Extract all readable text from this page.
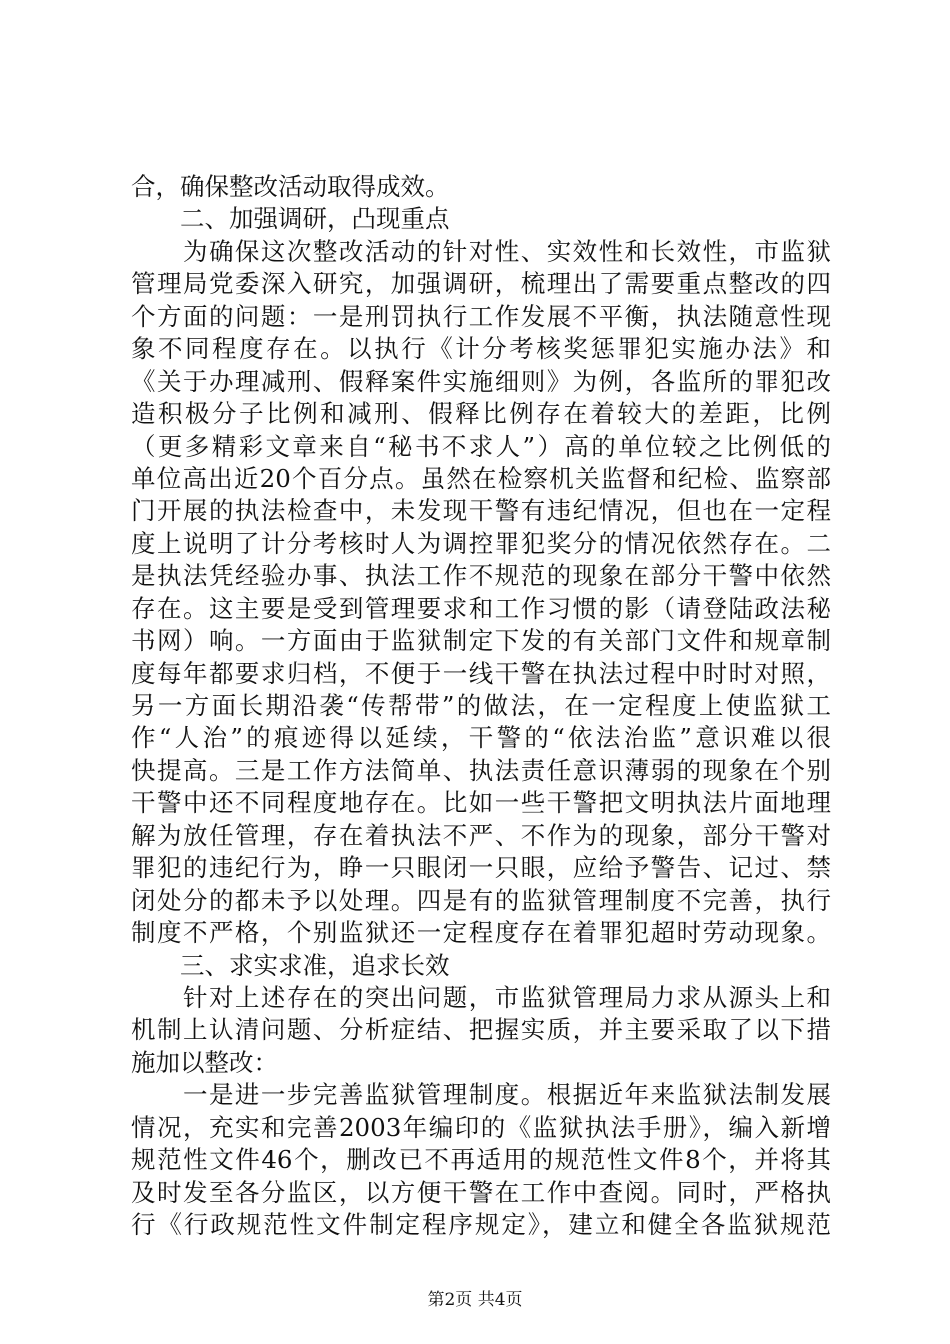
合，确保整改活动取得成效。
　　二、加强调研，凸现重点
　　为确保这次整改活动的针对性、实效性和长效性，市监狱
管理局党委深入研究，加强调研，梳理出了需要重点整改的四
个方面的问题：一是刑罚执行工作发展不平衡，执法随意性现
象不同程度存在。以执行《计分考核奖惩罪犯实施办法》和
《关于办理减刑、假释案件实施细则》为例，各监所的罪犯改
造积极分子比例和减刑、假释比例存在着较大的差距，比例
（更多精彩文章来自“秘书不求人”）高的单位较之比例低的
单位高出近20个百分点。虽然在检察机关监督和纪检、监察部
门开展的执法检查中，未发现干警有违纪情况，但也在一定程
度上说明了计分考核时人为调控罪犯奖分的情况依然存在。二
是执法凭经验办事、执法工作不规范的现象在部分干警中依然
存在。这主要是受到管理要求和工作习惯的影（请登陆政法秘
书网）响。一方面由于监狱制定下发的有关部门文件和规章制
度每年都要求归档，不便于一线干警在执法过程中时时对照，
另一方面长期沿袭“传帮带”的做法，在一定程度上使监狱工
作“人治”的痕迹得以延续，干警的“依法治监”意识难以很
快提高。三是工作方法简单、执法责任意识薄弱的现象在个别
干警中还不同程度地存在。比如一些干警把文明执法片面地理
解为放任管理，存在着执法不严、不作为的现象，部分干警对
罪犯的违纪行为，睁一只眼闭一只眼，应给予警告、记过、禁
闭处分的都未予以处理。四是有的监狱管理制度不完善，执行
制度不严格，个别监狱还一定程度存在着罪犯超时劳动现象。
　　三、求实求准，追求长效
　　针对上述存在的突出问题，市监狱管理局力求从源头上和
机制上认清问题、分析症结、把握实质，并主要采取了以下措
施加以整改：
　　一是进一步完善监狱管理制度。根据近年来监狱法制发展
情况，充实和完善2003年编印的《监狱执法手册》，编入新增
规范性文件46个，删改已不再适用的规范性文件8个，并将其
及时发至各分监区，以方便干警在工作中查阅。同时，严格执
行《行政规范性文件制定程序规定》，建立和健全各监狱规范
第2页 共4页
